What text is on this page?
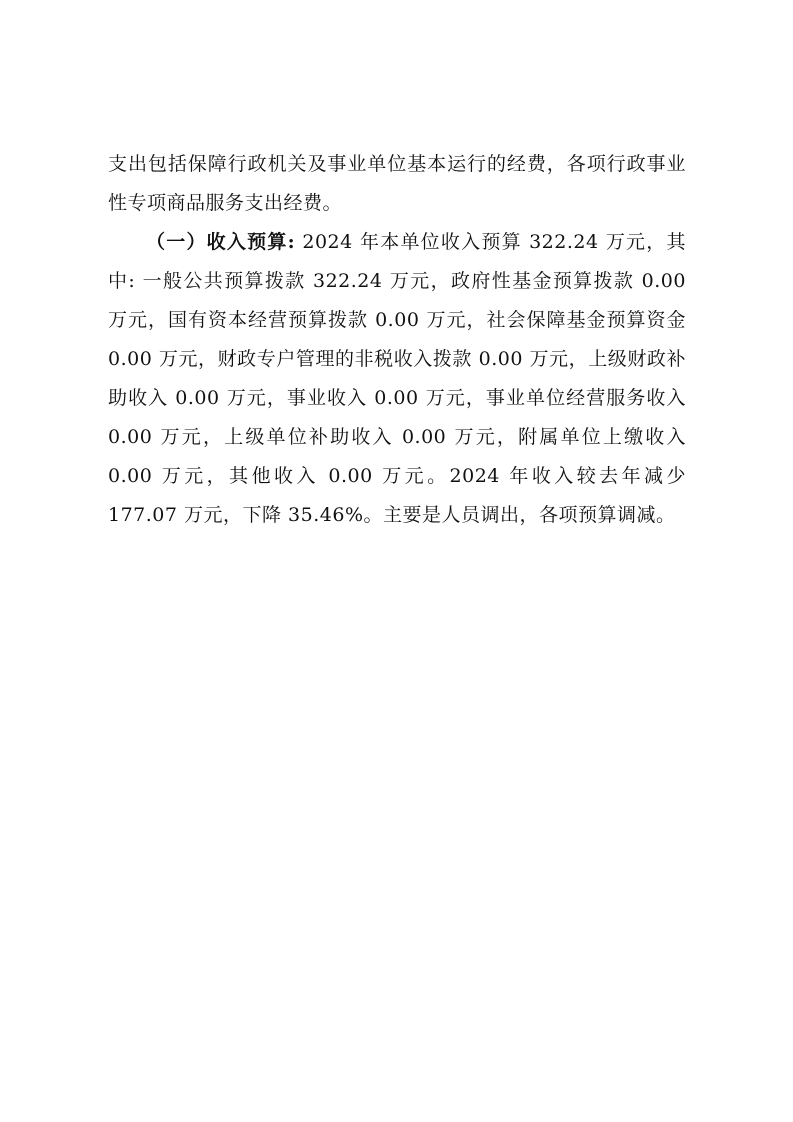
支出包括保障行政机关及事业单位基本运行的经费，各项行政事业性专项商品服务支出经费。

（一）收入预算: 2024 年本单位收入预算 322.24 万元，其中: 一般公共预算拨款 322.24 万元，政府性基金预算拨款 0.00 万元，国有资本经营预算拨款 0.00 万元，社会保障基金预算资金 0.00 万元，财政专户管理的非税收入拨款 0.00 万元，上级财政补助收入 0.00 万元，事业收入 0.00 万元，事业单位经营服务收入 0.00 万元，上级单位补助收入 0.00 万元，附属单位上缴收入 0.00 万元，其他收入 0.00 万元。2024 年收入较去年减少 177.07 万元，下降 35.46%。主要是人员调出，各项预算调减。
